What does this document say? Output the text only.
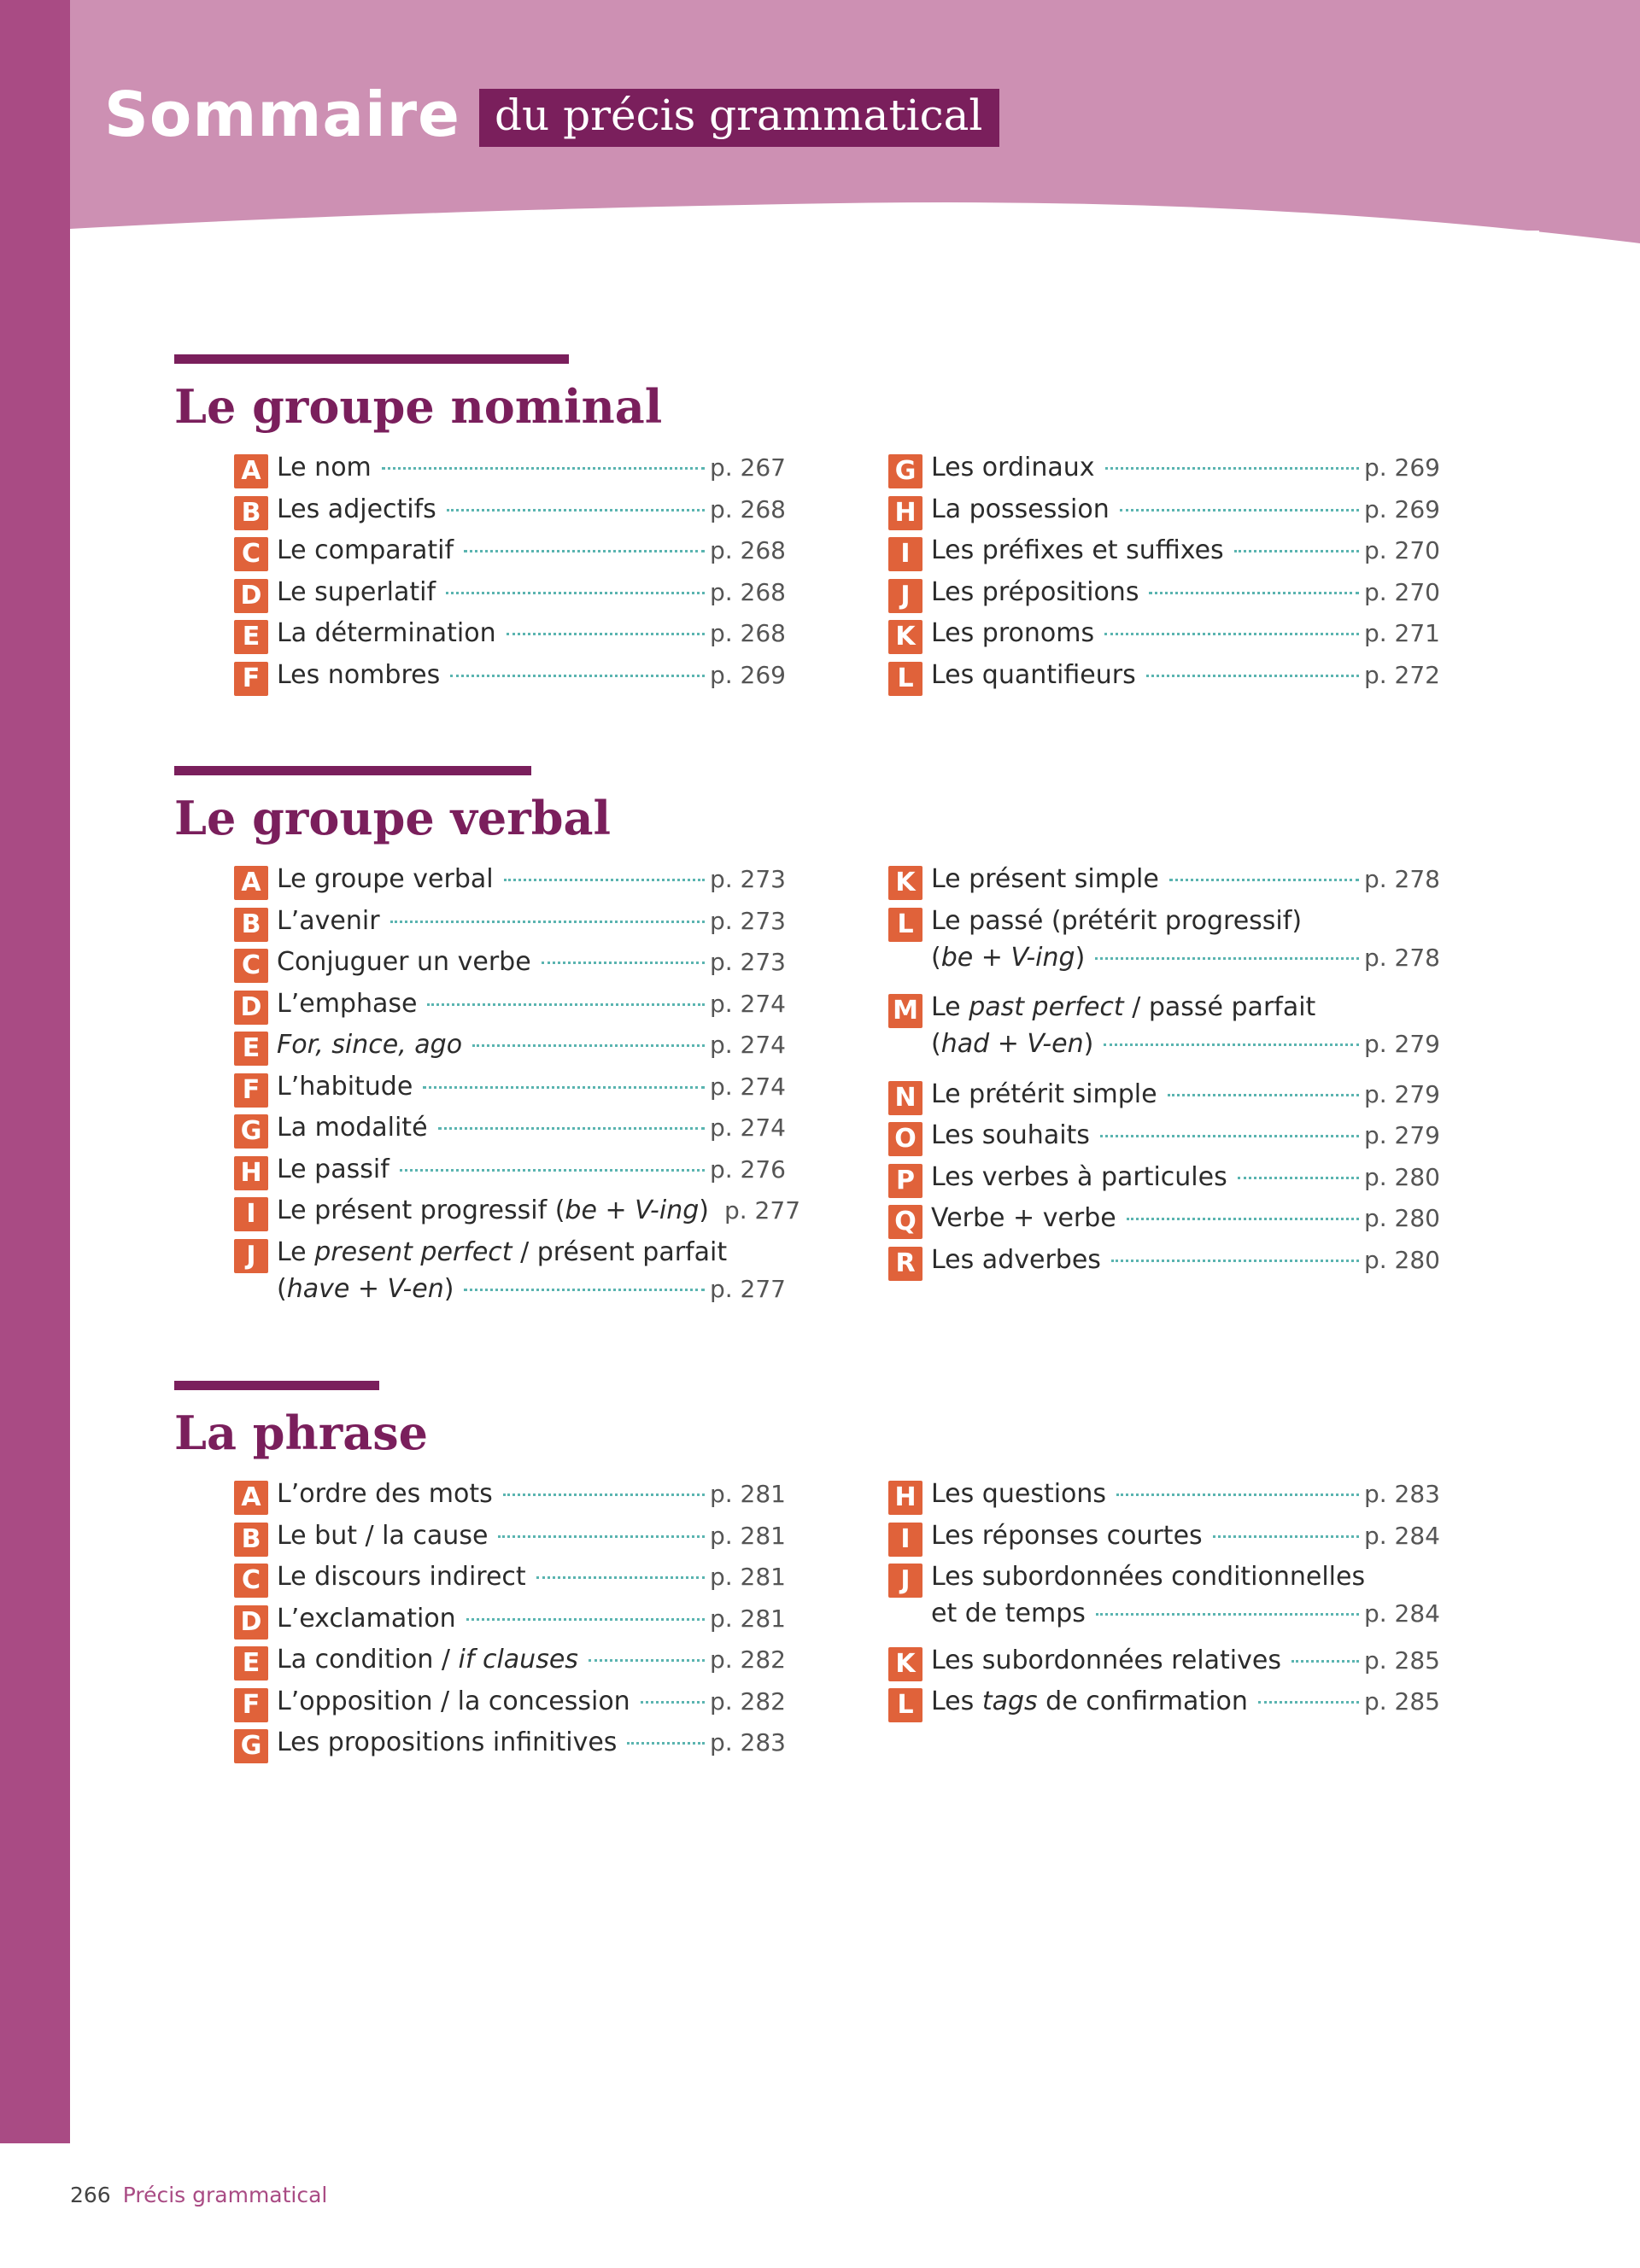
Sommaire du précis grammatical
Le groupe nominal
A Le nom	p. 267
B Les adjectifs	p. 268
C Le comparatif	p. 268
D Le superlatif	p. 268
E La détermination	p. 268
F Les nombres	p. 269
G Les ordinaux	p. 269
H La possession	p. 269
I Les préfixes et suffixes	p. 270
J Les prépositions	p. 270
K Les pronoms	p. 271
L Les quantifieurs	p. 272
Le groupe verbal
A Le groupe verbal	p. 273
B L’avenir	p. 273
C Conjuguer un verbe	p. 273
D L’emphase	p. 274
E For, since, ago	p. 274
F L’habitude	p. 274
G La modalité	p. 274
H Le passif	p. 276
I Le présent progressif (be + V-ing) p. 277
J Le present perfect / présent parfait
(have + V-en)	p. 277
K Le présent simple	p. 278
L Le passé (prétérit progressif)
(be + V-ing)	p. 278
M Le past perfect / passé parfait
(had + V-en)	p. 279
N Le prétérit simple	p. 279
O Les souhaits	p. 279
P Les verbes à particules	p. 280
Q Verbe + verbe	p. 280
R Les adverbes	p. 280
La phrase
A L’ordre des mots	p. 281
B Le but / la cause	p. 281
C Le discours indirect	p. 281
D L’exclamation	p. 281
E La condition / if clauses	p. 282
F L’opposition / la concession	p. 282
G Les propositions infinitives	p. 283
H Les questions	p. 283
I Les réponses courtes	p. 284
J Les subordonnées conditionnelles
et de temps	p. 284
K Les subordonnées relatives	p. 285
L Les tags de confirmation	p. 285
266 Précis grammatical
